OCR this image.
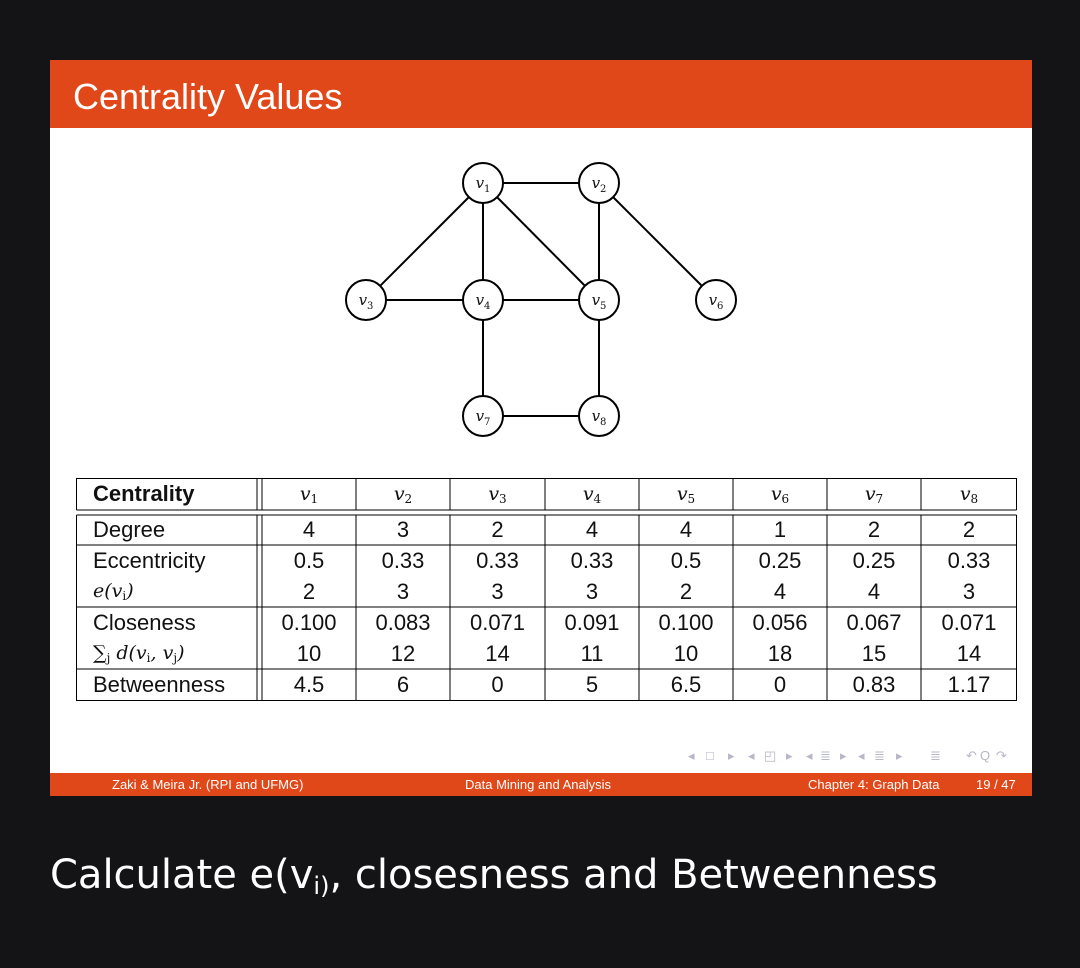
Centrality Values
$v_1$	$v_2$
$v_3$	$v_4$	$v_5$	$v_6$
$v_7$	$v_8$
Centrality	$v_1$	$v_2$	$v_3$	$v_4$	$v_5$	$v_6$	$v_7$	$v_8$
Degree	4	3	2	4	4	1	2	2
Eccentricity	0.5	0.33	0.33	0.33	0.5	0.25	0.25	0.33
$e(v_i)$	2	3	3	3	2	4	4	3
Closeness	0.100	0.083	0.071	0.091	0.100	0.056	0.067	0.071
$\sum_j$ $d(v_i$, $v_j$)	10	12	14	11	10	18	15	14
Betweenness	4.5	6	0	5	6.5	0	0.83	1.17
◂ □ ▸ ◂ ◰ ▸ ◂ ≣ ▸ ◂ ≣ ▸ ≣ ↶ Q ↷
Zaki & Meira Jr. (RPI and UFMG)	Data Mining and Analysis	Chapter 4: Graph Data	19 / 47
Calculate $e(v_{i)}$, closesness and Betweenness
